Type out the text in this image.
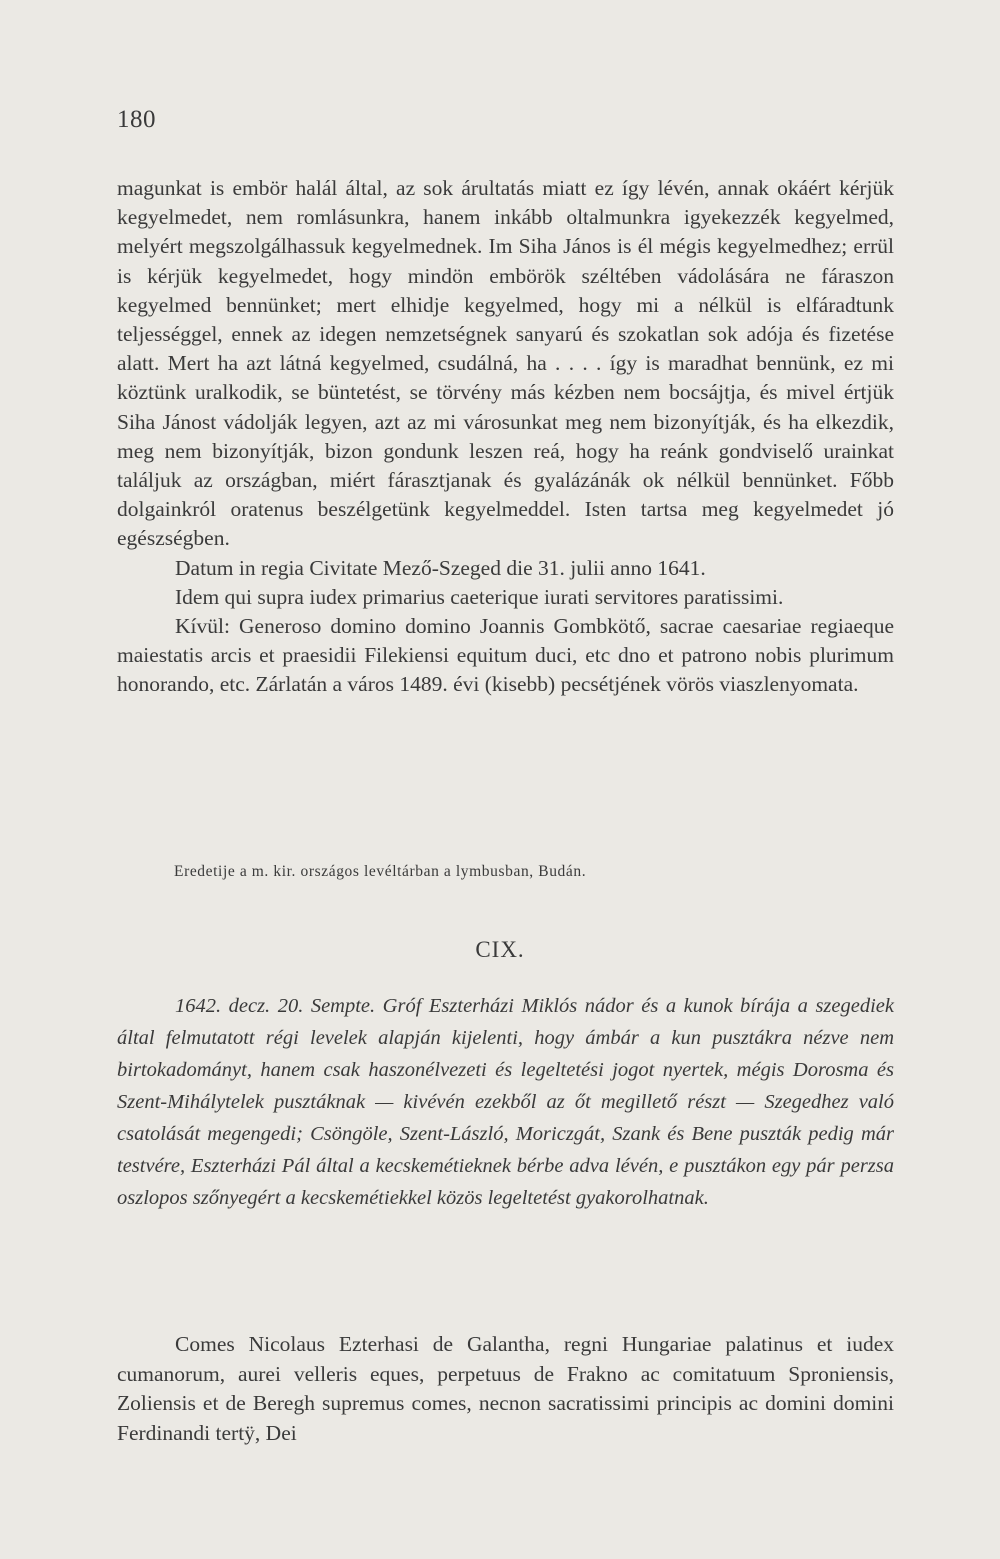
180

magunkat is embör halál által, az sok árultatás miatt ez így lévén, annak okáért kérjük kegyelmedet, nem romlásunkra, hanem inkább oltalmunkra igyekezzék kegyelmed, melyért megszolgálhassuk kegyelmednek. Im Siha János is él mégis kegyelmedhez; errül is kérjük kegyelmedet, hogy mindön embörök széltében vádolására ne fáraszon kegyelmed bennünket; mert elhidje kegyelmed, hogy mi a nélkül is elfáradtunk teljességgel, ennek az idegen nemzetségnek sanyarú és szokatlan sok adója és fizetése alatt. Mert ha azt látná kegyelmed, csudálná, ha . . . . így is maradhat bennünk, ez mi köztünk uralkodik, se büntetést, se törvény más kézben nem bocsájtja, és mivel értjük Siha Jánost vádolják legyen, azt az mi városunkat meg nem bizonyítják, és ha elkezdik, meg nem bizonyítják, bizon gondunk leszen reá, hogy ha reánk gondviselő urainkat találjuk az országban, miért fárasztjanak és gyalázánák ok nélkül bennünket. Főbb dolgainkról oratenus beszélgetünk kegyelmeddel. Isten tartsa meg kegyelmedet jó egészségben.

Datum in regia Civitate Mező-Szeged die 31. julii anno 1641.

Idem qui supra iudex primarius caeterique iurati servitores paratissimi.

Kívül: Generoso domino domino Joannis Gombkötő, sacrae caesariae regiaeque maiestatis arcis et praesidii Filekiensi equitum duci, etc dno et patrono nobis plurimum honorando, etc. Zárlatán a város 1489. évi (kisebb) pecsétjének vörös viaszlenyomata.

Eredetije a m. kir. országos levéltárban a lymbusban, Budán.
CIX.

1642. decz. 20. Sempte. Gróf Eszterházi Miklós nádor és a kunok bírája a szegediek által felmutatott régi levelek alapján kijelenti, hogy ámbár a kun pusztákra nézve nem birtokadományt, hanem csak haszonélvezeti és legeltetési jogot nyertek, mégis Dorosma és Szent-Mihálytelek pusztáknak — kivévén ezekből az őt megillető részt — Szegedhez való csatolását megengedi; Csöngöle, Szent-László, Moriczgát, Szank és Bene puszták pedig már testvére, Eszterházi Pál által a kecskemétieknek bérbe adva lévén, e pusztákon egy pár perzsa oszlopos szőnyegért a kecskemétiekkel közös legeltetést gyakorolhatnak.

Comes Nicolaus Ezterhasi de Galantha, regni Hungariae palatinus et iudex cumanorum, aurei velleris eques, perpetuus de Frakno ac comitatuum Sproniensis, Zoliensis et de Beregh supremus comes, necnon sacratissimi principis ac domini domini Ferdinandi tertÿ, Dei
